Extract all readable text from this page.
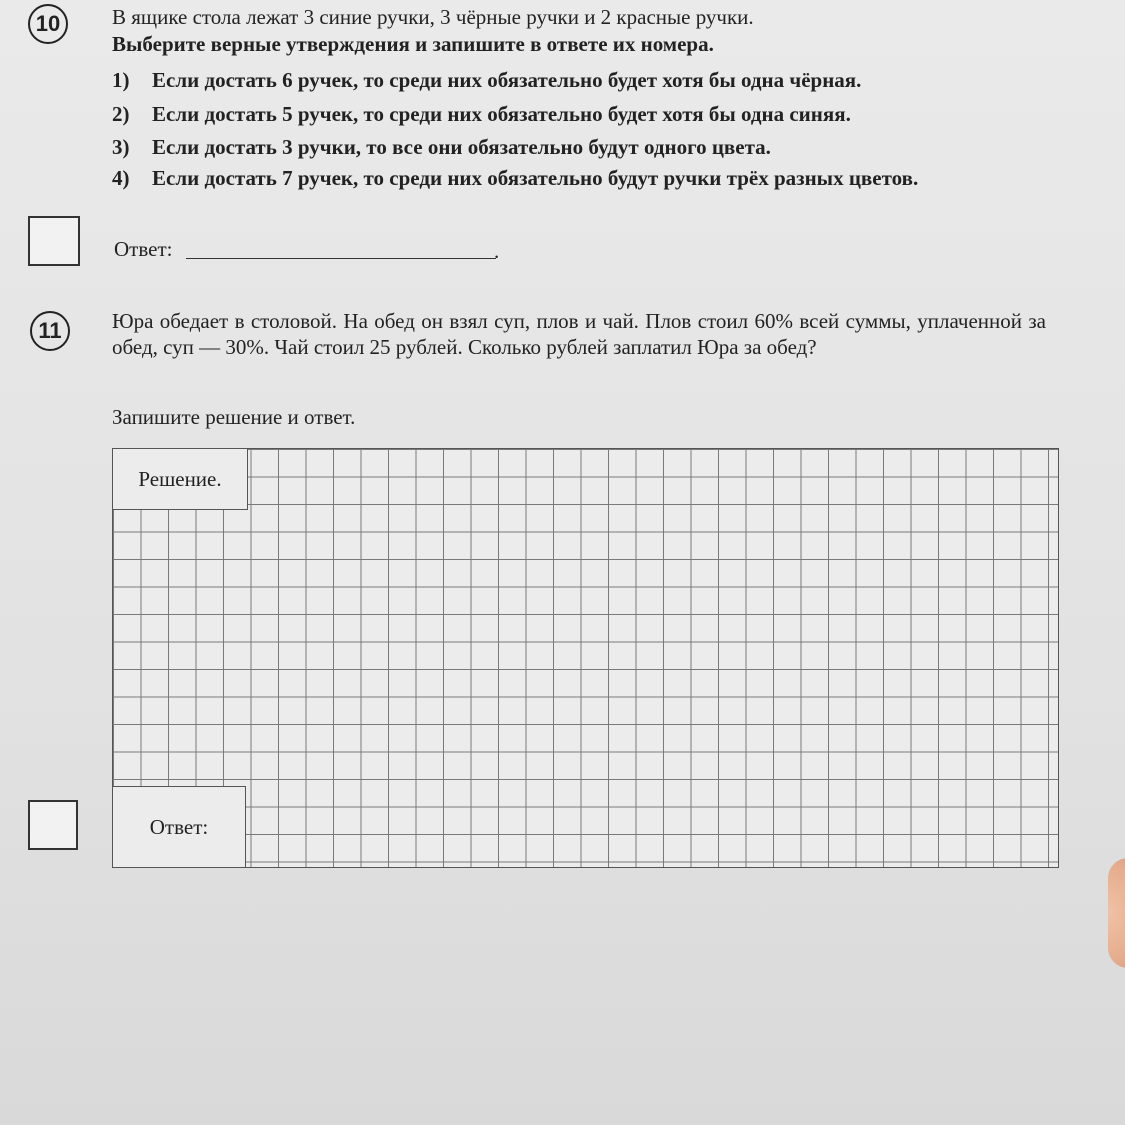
10	В ящике стола лежат 3 синие ручки, 3 чёрные ручки и 2 красные ручки.
Выберите верные утверждения и запишите в ответе их номера.
1) Если достать 6 ручек, то среди них обязательно будет хотя бы одна чёрная.
2) Если достать 5 ручек, то среди них обязательно будет хотя бы одна синяя.
3) Если достать 3 ручки, то все они обязательно будут одного цвета.
4) Если достать 7 ручек, то среди них обязательно будут ручки трёх разных цветов.
Ответ:	.
11	Юра обедает в столовой. На обед он взял суп, плов и чай. Плов стоил 60% всей суммы, уплаченной за обед, суп — 30%. Чай стоил 25 рублей. Сколько рублей заплатил Юра за обед?
Запишите решение и ответ.
Решение.
Ответ:
